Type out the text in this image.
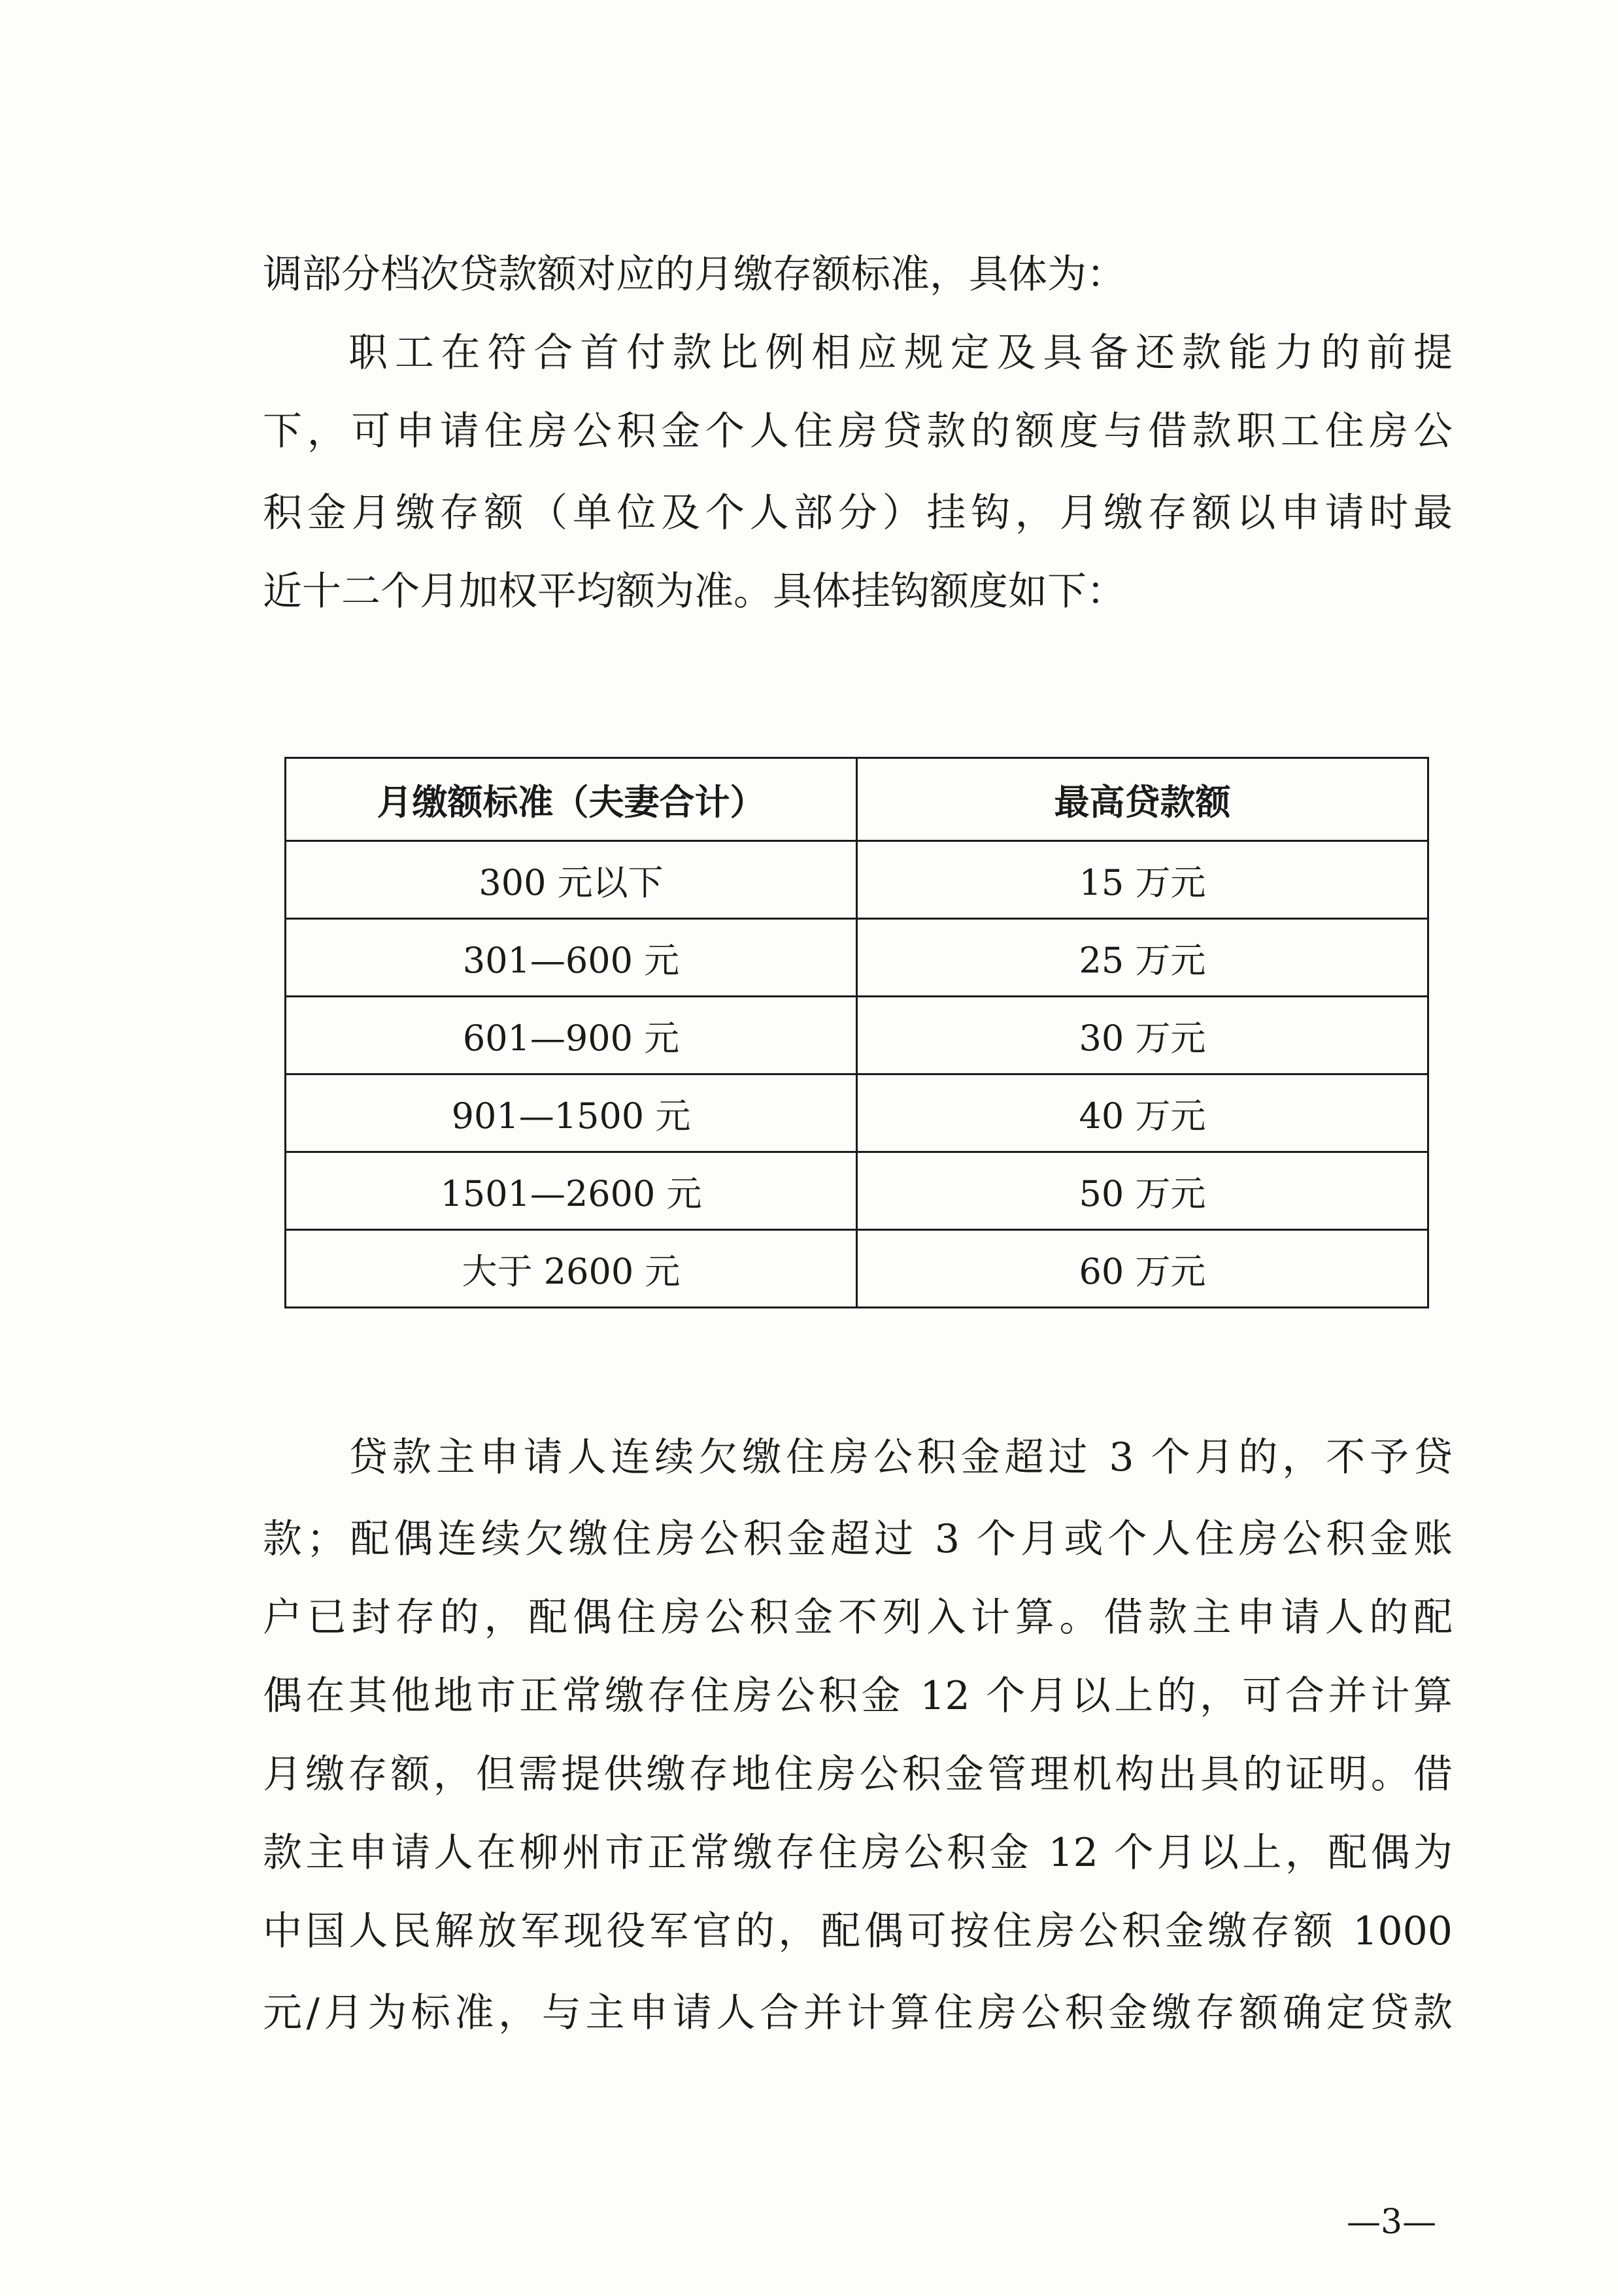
调部分档次贷款额对应的月缴存额标准，具体为：

职工在符合首付款比例相应规定及具备还款能力的前提

下，可申请住房公积金个人住房贷款的额度与借款职工住房公

积金月缴存额（单位及个人部分）挂钩，月缴存额以申请时最

近十二个月加权平均额为准。具体挂钩额度如下：

月缴额标准（夫妻合计）	最高贷款额
300 元以下	15 万元
301—600 元	25 万元
601—900 元	30 万元
901—1500 元	40 万元
1501—2600 元	50 万元
大于 2600 元	60 万元

贷款主申请人连续欠缴住房公积金超过 3 个月的，不予贷

款；配偶连续欠缴住房公积金超过 3 个月或个人住房公积金账

户已封存的，配偶住房公积金不列入计算。借款主申请人的配

偶在其他地市正常缴存住房公积金 12 个月以上的，可合并计算

月缴存额，但需提供缴存地住房公积金管理机构出具的证明。借

款主申请人在柳州市正常缴存住房公积金 12 个月以上，配偶为

中国人民解放军现役军官的，配偶可按住房公积金缴存额 1000

元/月为标准，与主申请人合并计算住房公积金缴存额确定贷款

—3—
